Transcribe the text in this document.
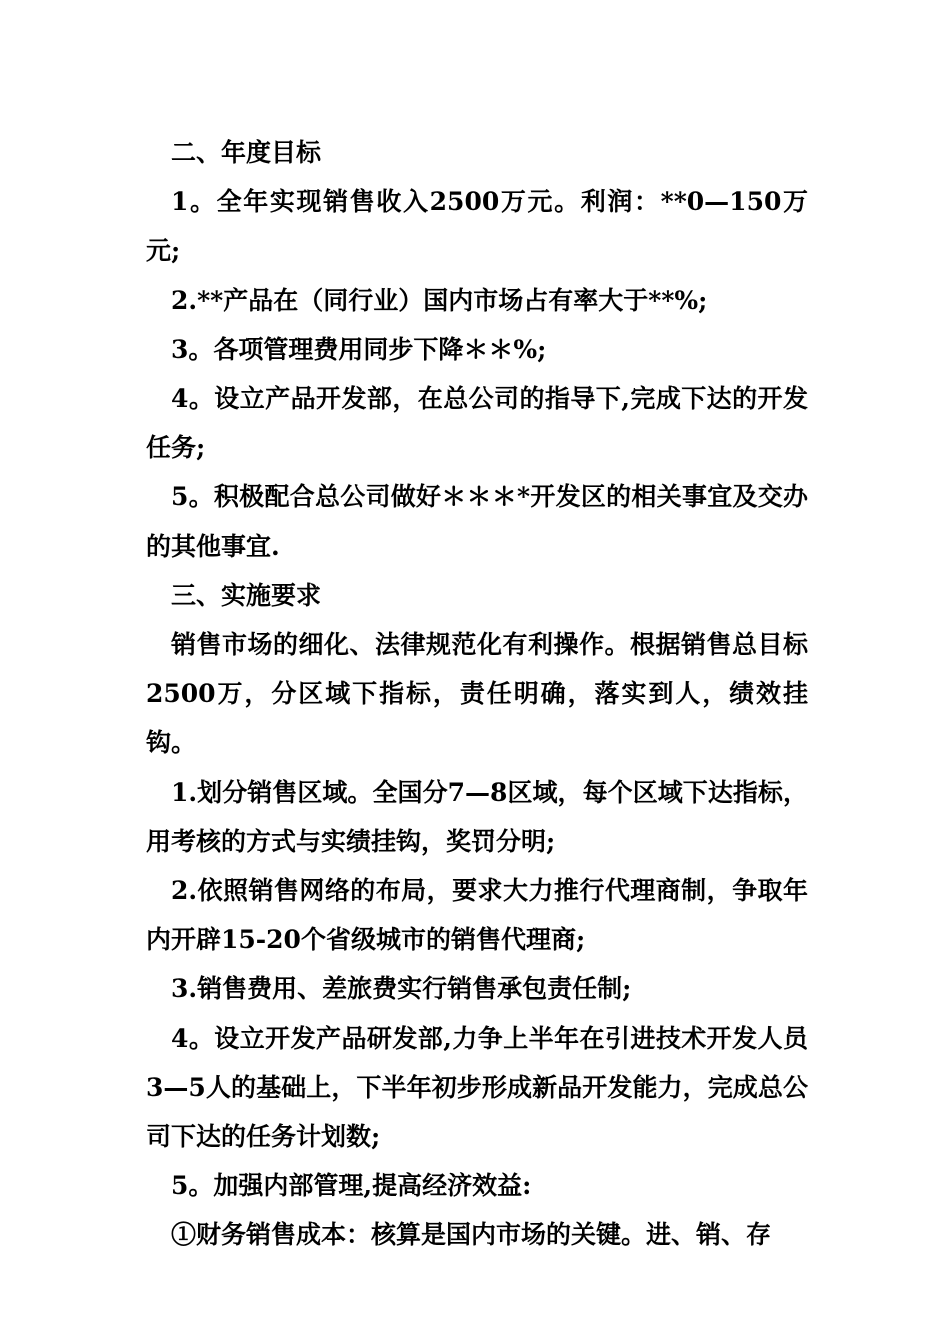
二、年度目标

1。全年实现销售收入2500万元。利润：**0—150万元;

2.**产品在（同行业）国内市场占有率大于**%;

3。各项管理费用同步下降＊＊%;

4。设立产品开发部，在总公司的指导下,完成下达的开发任务;

5。积极配合总公司做好＊＊＊*开发区的相关事宜及交办的其他事宜.

三、实施要求

销售市场的细化、法律规范化有利操作。根据销售总目标2500万，分区域下指标，责任明确，落实到人，绩效挂钩。

1.划分销售区域。全国分7—8区域，每个区域下达指标，用考核的方式与实绩挂钩，奖罚分明;

2.依照销售网络的布局，要求大力推行代理商制，争取年内开辟15-20个省级城市的销售代理商;

3.销售费用、差旅费实行销售承包责任制;

4。设立开发产品研发部,力争上半年在引进技术开发人员3—5人的基础上，下半年初步形成新品开发能力，完成总公司下达的任务计划数;

5。加强内部管理,提高经济效益:

①财务销售成本：核算是国内市场的关键。进、销、存
